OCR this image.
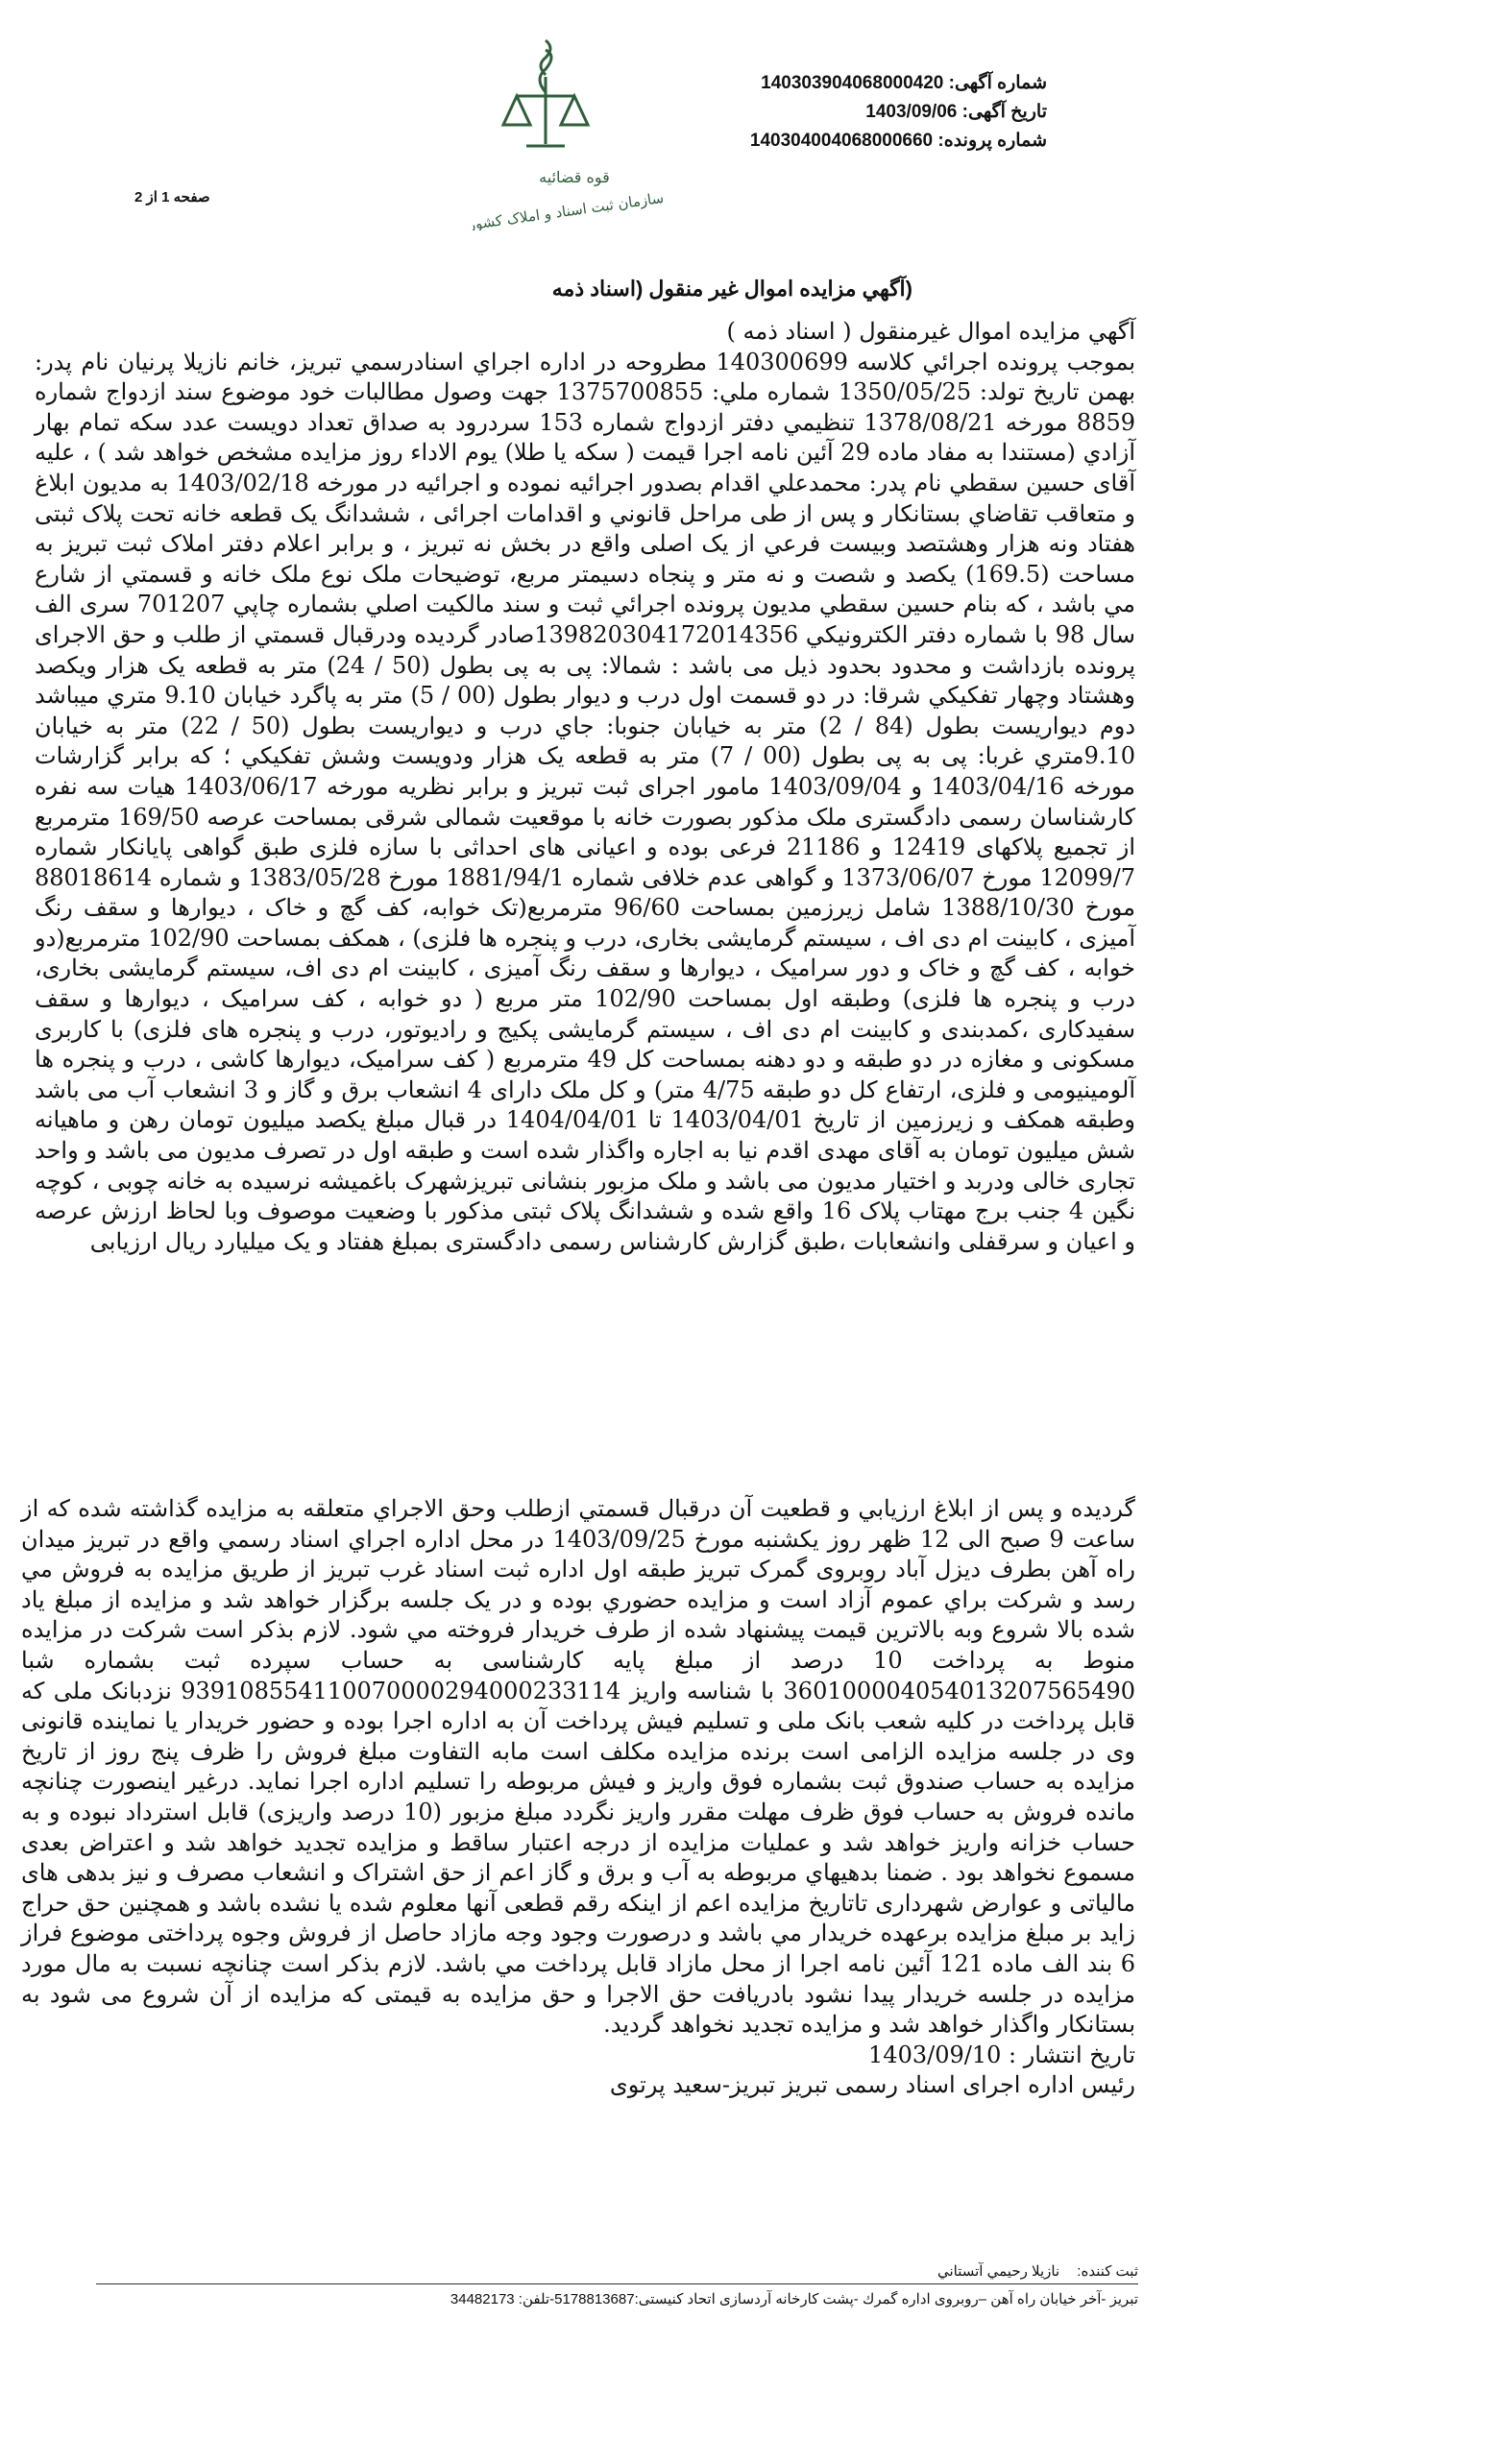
قوه قضائیه
سازمان ثبت اسناد و املاک کشور
شماره آگهی: 140303904068000420
تاریخ آگهی: 1403/09/06
شماره پرونده: 140304004068000660
صفحه 1 از 2
(آگهي مزايده اموال غير منقول (اسناد ذمه

آگهي مزايده اموال غيرمنقول ( اسناد ذمه )

بموجب پرونده اجرائي كلاسه 140300699 مطروحه در اداره اجراي اسنادرسمي تبريز، خانم نازيلا پرنيان نام پدر: بهمن تاريخ تولد: 1350/05/25 شماره ملي: 1375700855 جهت وصول مطالبات خود موضوع سند ازدواج شماره 8859 مورخه 1378/08/21 تنظيمي دفتر ازدواج شماره 153 سردرود به صداق تعداد دويست عدد سكه تمام بهار آزادي (مستندا به مفاد ماده 29 آئين نامه اجرا قيمت ( سكه يا طلا) يوم الاداء روز مزايده مشخص خواهد شد ) ، عليه آقاى حسين سقطي نام پدر: محمدعلي اقدام بصدور اجرائيه نموده و اجرائيه در مورخه 1403/02/18 به مديون ابلاغ و متعاقب تقاضاي بستانكار و پس از طى مراحل قانوني و اقدامات اجرائى ، ششدانگ يک قطعه خانه تحت پلاک ثبتى هفتاد ونه هزار وهشتصد وبيست فرعي از يک اصلى واقع در بخش نه تبريز ، و برابر اعلام دفتر املاک ثبت تبريز به مساحت (169.5) يكصد و شصت و نه متر و پنجاه دسيمتر مربع، توضيحات ملک نوع ملک خانه و قسمتي از شارع مي باشد ، كه بنام حسين سقطي مديون پرونده اجرائي ثبت و سند مالكيت اصلي بشماره چاپي 701207 سرى الف سال 98 با شماره دفتر الكترونيكي 139820304172014356صادر گرديده ودرقبال قسمتي از طلب و حق الاجراى پرونده بازداشت و محدود بحدود ذيل مى باشد : شمالا: پى به پى بطول (50 / 24) متر به قطعه يک هزار ويكصد وهشتاد وچهار تفكيكي شرقا: در دو قسمت اول درب و ديوار بطول (00 / 5) متر به پاگرد خيابان 9.10 متري ميباشد دوم ديواريست بطول (84 / 2) متر به خيابان جنوبا: جاي درب و ديواريست بطول (50 / 22) متر به خيابان 9.10متري غربا: پى به پى بطول (00 / 7) متر به قطعه يک هزار ودويست وشش تفكيكي ؛ كه برابر گزارشات مورخه 1403/04/16 و 1403/09/04 مامور اجرای ثبت تبريز و برابر نظريه مورخه 1403/06/17 هيات سه نفره كارشناسان رسمی دادگستری ملک مذكور بصورت خانه با موقعيت شمالى شرقى بمساحت عرصه 169/50 مترمربع از تجميع پلاكهای 12419 و 21186 فرعى بوده و اعيانى هاى احداثى با سازه فلزى طبق گواهى پايانكار شماره 12099/7 مورخ 1373/06/07 و گواهى عدم خلافى شماره 1881/94/1 مورخ 1383/05/28 و شماره 88018614 مورخ 1388/10/30 شامل زيرزمين بمساحت 96/60 مترمربع(تک خوابه، کف گچ و خاک ، ديوارها و سقف رنگ آميزى ، كابينت ام دى اف ، سيستم گرمايشى بخارى، درب و پنجره ها فلزى) ، همكف بمساحت 102/90 مترمربع(دو خوابه ، كف گچ و خاک و دور سراميک ، ديوارها و سقف رنگ آميزى ، كابينت ام دى اف، سيستم گرمايشى بخارى، درب و پنجره ها فلزى) وطبقه اول بمساحت 102/90 متر مربع ( دو خوابه ، كف سراميک ، ديوارها و سقف سفيدكارى ،كمدبندى و كابينت ام دى اف ، سيستم گرمايشى پكيج و راديوتور، درب و پنجره هاى فلزى) با كاربرى مسكونى و مغازه در دو طبقه و دو دهنه بمساحت كل 49 مترمربع ( كف سراميک، ديوارها كاشى ، درب و پنجره ها آلومينيومى و فلزى، ارتفاع كل دو طبقه 4/75 متر) و كل ملک داراى 4 انشعاب برق و گاز و 3 انشعاب آب مى باشد وطبقه همكف و زيرزمين از تاريخ 1403/04/01 تا 1404/04/01 در قبال مبلغ يكصد ميليون تومان رهن و ماهيانه شش ميليون تومان به آقاى مهدى اقدم نيا به اجاره واگذار شده است و طبقه اول در تصرف مديون مى باشد و واحد تجارى خالى ودربد و اختيار مديون مى باشد و ملک مزبور بنشانى تبريزشهرک باغميشه نرسيده به خانه چوبى ، كوچه نگين 4 جنب برج مهتاب پلاک 16 واقع شده و ششدانگ پلاک ثبتى مذكور با وضعيت موصوف وبا لحاظ ارزش عرصه و اعيان و سرقفلى وانشعابات ،طبق گزارش كارشناس رسمى دادگسترى بمبلغ هفتاد و يک ميليارد ريال ارزيابى

گرديده و پس از ابلاغ ارزيابي و قطعيت آن درقبال قسمتي ازطلب وحق الاجراي متعلقه به مزايده گذاشته شده كه از ساعت 9 صبح الى 12 ظهر روز يكشنبه مورخ 1403/09/25 در محل اداره اجراي اسناد رسمي واقع در تبريز ميدان راه آهن بطرف ديزل آباد روبروى گمرک تبريز طبقه اول اداره ثبت اسناد غرب تبريز از طريق مزايده به فروش مي رسد و شركت براي عموم آزاد است و مزايده حضوري بوده و در يک جلسه برگزار خواهد شد و مزايده از مبلغ ياد شده بالا شروع وبه بالاترين قيمت پيشنهاد شده از طرف خريدار فروخته مي شود. لازم بذكر است شركت در مزايده منوط به پرداخت 10 درصد از مبلغ پايه كارشناسى به حساب سپرده ثبت بشماره شبا 360100004054013207565490 با شناسه واريز 939108554110070000294000233114 نزدبانک ملی كه قابل پرداخت در كليه شعب بانک ملی و تسليم فيش پرداخت آن به اداره اجرا بوده و حضور خريدار يا نماينده قانونى وى در جلسه مزايده الزامى است برنده مزايده مكلف است مابه التفاوت مبلغ فروش را ظرف پنج روز از تاريخ مزايده به حساب صندوق ثبت بشماره فوق واريز و فيش مربوطه را تسليم اداره اجرا نمايد. درغير اينصورت چنانچه مانده فروش به حساب فوق ظرف مهلت مقرر واريز نگردد مبلغ مزبور (10 درصد واريزى) قابل استرداد نبوده و به حساب خزانه واريز خواهد شد و عمليات مزايده از درجه اعتبار ساقط و مزايده تجديد خواهد شد و اعتراض بعدى مسموع نخواهد بود . ضمنا بدهيهاي مربوطه به آب و برق و گاز اعم از حق اشتراک و انشعاب مصرف و نيز بدهى هاى مالياتى و عوارض شهردارى تاتاريخ مزايده اعم از اينكه رقم قطعى آنها معلوم شده يا نشده باشد و همچنين حق حراج زايد بر مبلغ مزايده برعهده خريدار مي باشد و درصورت وجود وجه مازاد حاصل از فروش وجوه پرداختى موضوع فراز 6 بند الف ماده 121 آئين نامه اجرا از محل مازاد قابل پرداخت مي باشد. لازم بذكر است چنانچه نسبت به مال مورد مزايده در جلسه خريدار پيدا نشود بادريافت حق الاجرا و حق مزايده به قيمتى كه مزايده از آن شروع مى شود به بستانكار واگذار خواهد شد و مزايده تجديد نخواهد گرديد.

تاريخ انتشار : 1403/09/10

رئيس اداره اجراى اسناد رسمى تبريز تبريز-سعيد پرتوى

ثبت كننده: نازيلا رحيمي آتستاني
تبريز -آخر خيابان راه آهن –روبروى اداره گمرك -پشت كارخانه آردسازى اتحاد كنيستى:5178813687-تلفن: 34482173
